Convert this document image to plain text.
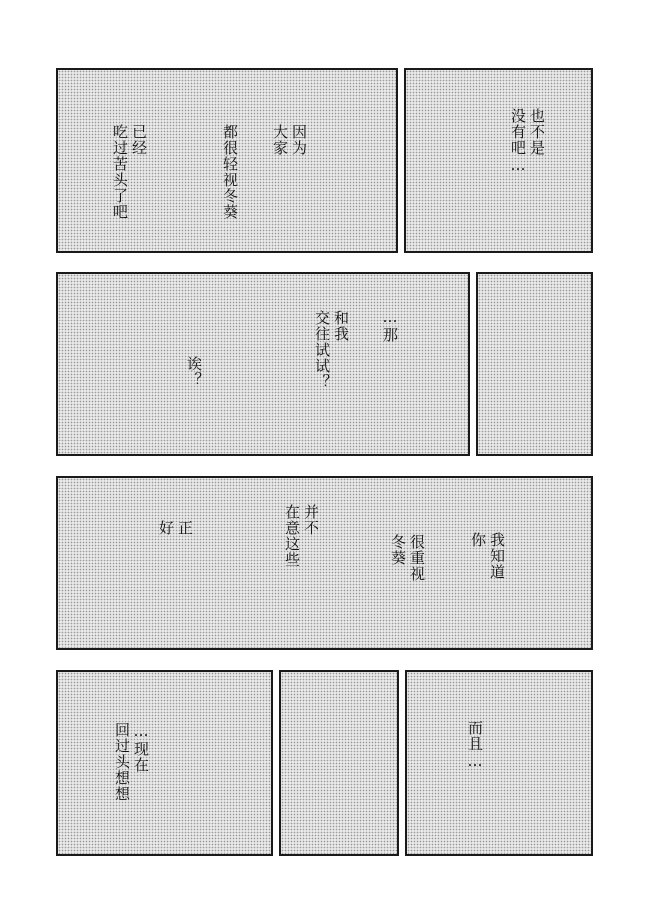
因为
大家
都很轻视冬葵
已经
吃过苦头了吧	也不是
没有吧…
…那
和我
交往试试？
诶？
我知道
你
很重视
冬葵
并不
在意这些
正
好
…现在
回过头想想	而且…
